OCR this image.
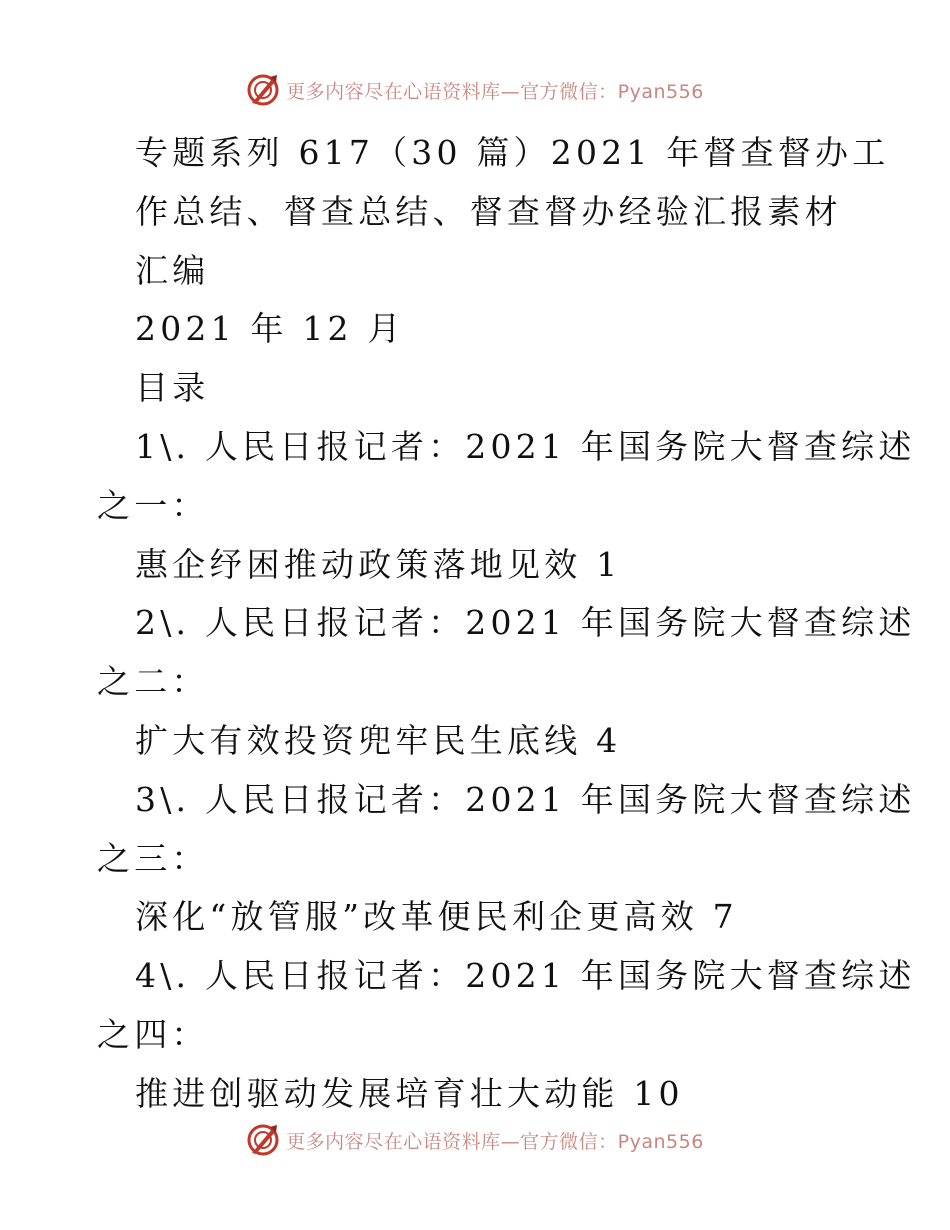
更多内容尽在心语资料库—官方微信：Pyan556
专题系列 617（30 篇）2021 年督查督办工
作总结、督查总结、督查督办经验汇报素材
汇编
2021 年 12 月
目录
1\. 人民日报记者：2021 年国务院大督查综述
之一：
惠企纾困推动政策落地见效 1
2\. 人民日报记者：2021 年国务院大督查综述
之二：
扩大有效投资兜牢民生底线 4
3\. 人民日报记者：2021 年国务院大督查综述
之三：
深化“放管服”改革便民利企更高效 7
4\. 人民日报记者：2021 年国务院大督查综述
之四：
推进创驱动发展培育壮大动能 10
更多内容尽在心语资料库—官方微信：Pyan556
